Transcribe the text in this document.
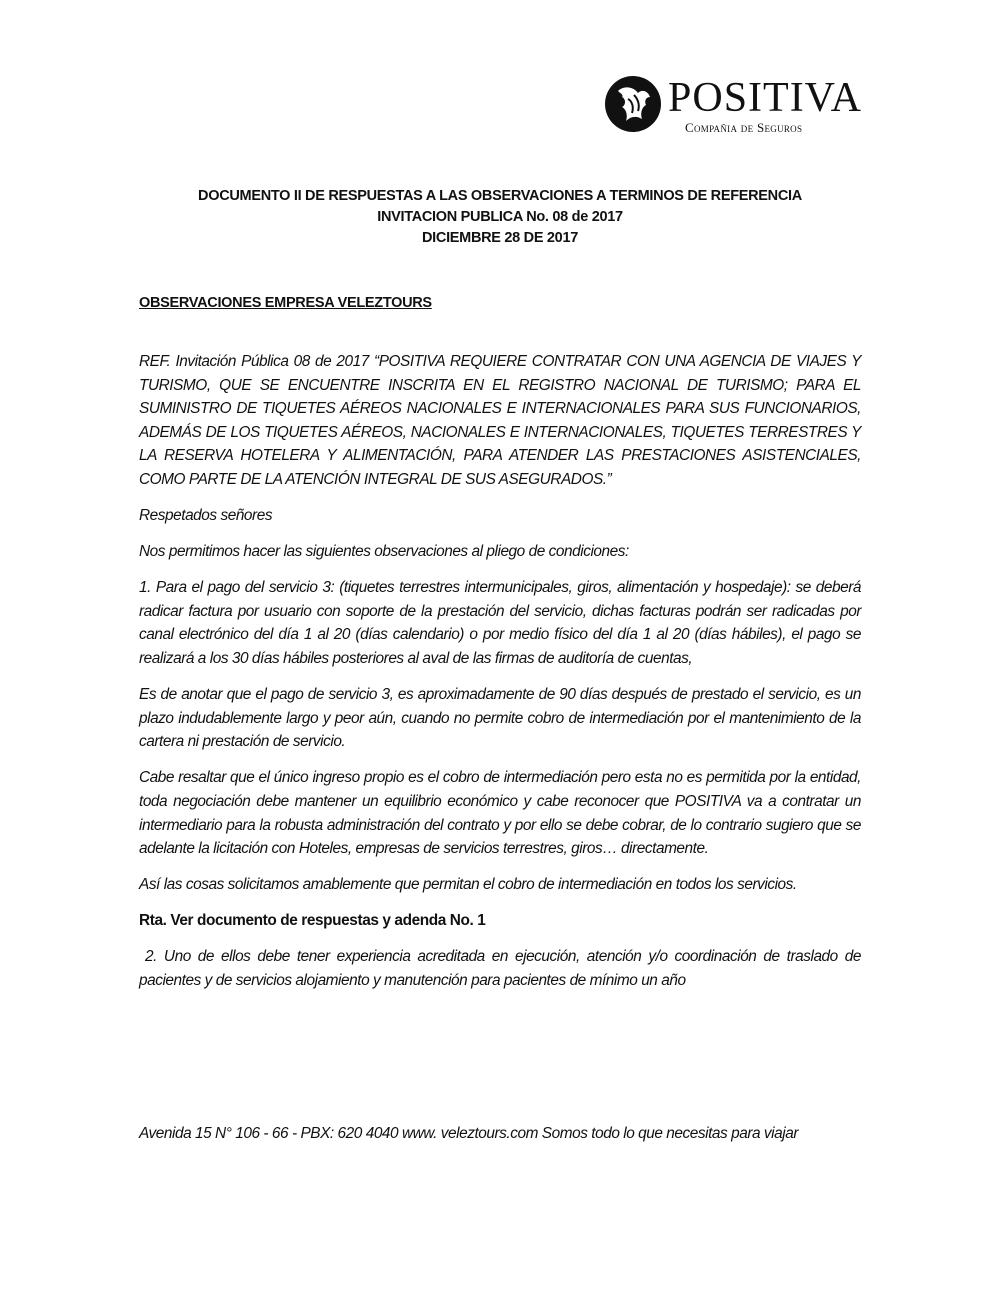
POSITIVA
Compañia de Seguros
DOCUMENTO II DE RESPUESTAS A LAS OBSERVACIONES A TERMINOS DE REFERENCIA
INVITACION PUBLICA No. 08 de 2017
DICIEMBRE 28 DE 2017
OBSERVACIONES EMPRESA VELEZTOURS

REF. Invitación Pública 08 de 2017 “POSITIVA REQUIERE CONTRATAR CON UNA AGENCIA DE VIAJES Y TURISMO, QUE SE ENCUENTRE INSCRITA EN EL REGISTRO NACIONAL DE TURISMO; PARA EL SUMINISTRO DE TIQUETES AÉREOS NACIONALES E INTERNACIONALES PARA SUS FUNCIONARIOS, ADEMÁS DE LOS TIQUETES AÉREOS, NACIONALES E INTERNACIONALES, TIQUETES TERRESTRES Y LA RESERVA HOTELERA Y ALIMENTACIÓN, PARA ATENDER LAS PRESTACIONES ASISTENCIALES, COMO PARTE DE LA ATENCIÓN INTEGRAL DE SUS ASEGURADOS.”

Respetados señores

Nos permitimos hacer las siguientes observaciones al pliego de condiciones:

1. Para el pago del servicio 3: (tiquetes terrestres intermunicipales, giros, alimentación y hospedaje): se deberá radicar factura por usuario con soporte de la prestación del servicio, dichas facturas podrán ser radicadas por canal electrónico del día 1 al 20 (días calendario) o por medio físico del día 1 al 20 (días hábiles), el pago se realizará a los 30 días hábiles posteriores al aval de las firmas de auditoría de cuentas,

Es de anotar que el pago de servicio 3, es aproximadamente de 90 días después de prestado el servicio, es un plazo indudablemente largo y peor aún, cuando no permite cobro de intermediación por el mantenimiento de la cartera ni prestación de servicio.

Cabe resaltar que el único ingreso propio es el cobro de intermediación pero esta no es permitida por la entidad, toda negociación debe mantener un equilibrio económico y cabe reconocer que POSITIVA va a contratar un intermediario para la robusta administración del contrato y por ello se debe cobrar, de lo contrario sugiero que se adelante la licitación con Hoteles, empresas de servicios terrestres, giros… directamente.

Así las cosas solicitamos amablemente que permitan el cobro de intermediación en todos los servicios.

Rta. Ver documento de respuestas y adenda No. 1

2. Uno de ellos debe tener experiencia acreditada en ejecución, atención y/o coordinación de traslado de pacientes y de servicios alojamiento y manutención para pacientes de mínimo un año

Avenida 15 N° 106 - 66 - PBX: 620 4040 www. veleztours.com Somos todo lo que necesitas para viajar
